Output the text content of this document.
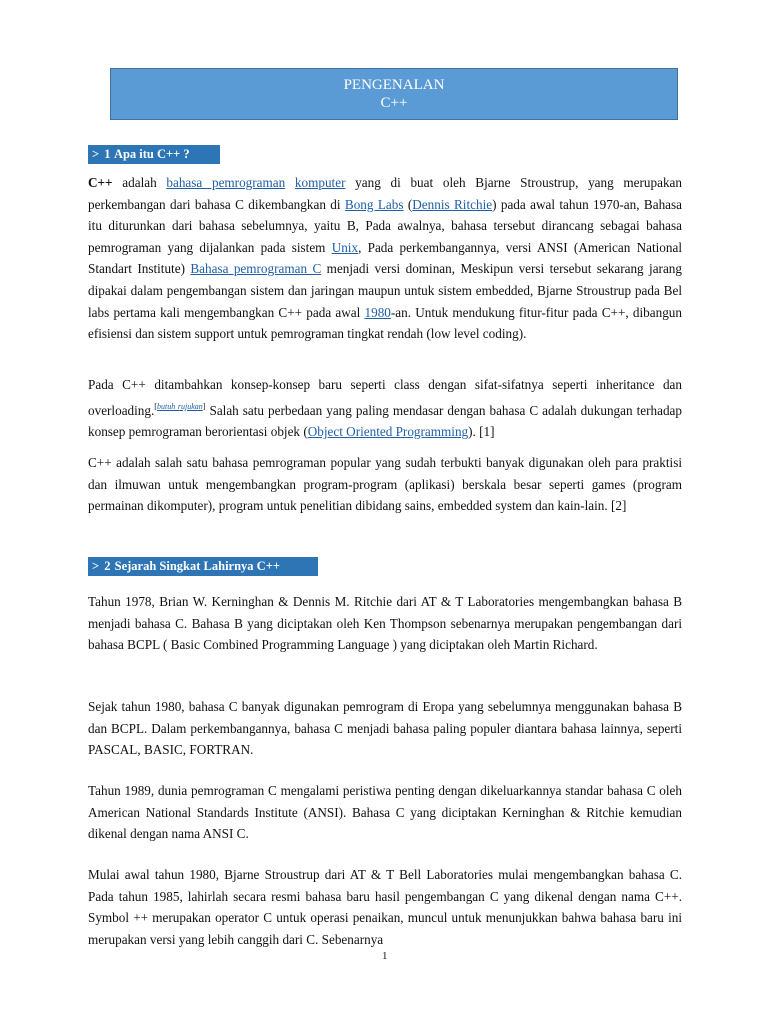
PENGENALAN
C++
⁠> 1 Apa itu C++ ?

C++ adalah bahasa pemrograman komputer yang di buat oleh Bjarne Stroustrup, yang merupakan perkembangan dari bahasa C dikembangkan di Bong Labs (Dennis Ritchie) pada awal tahun 1970-an, Bahasa itu diturunkan dari bahasa sebelumnya, yaitu B, Pada awalnya, bahasa tersebut dirancang sebagai bahasa pemrograman yang dijalankan pada sistem Unix, Pada perkembangannya, versi ANSI (American National Standart Institute) Bahasa pemrograman C menjadi versi dominan, Meskipun versi tersebut sekarang jarang dipakai dalam pengembangan sistem dan jaringan maupun untuk sistem embedded, Bjarne Stroustrup pada Bel labs pertama kali mengembangkan C++ pada awal 1980-an. Untuk mendukung fitur-fitur pada C++, dibangun efisiensi dan sistem support untuk pemrograman tingkat rendah (low level coding).

Pada C++ ditambahkan konsep-konsep baru seperti class dengan sifat-sifatnya seperti inheritance dan overloading.[butuh rujukan] Salah satu perbedaan yang paling mendasar dengan bahasa C adalah dukungan terhadap konsep pemrograman berorientasi objek (Object Oriented Programming). [1]

C++ adalah salah satu bahasa pemrograman popular yang sudah terbukti banyak digunakan oleh para praktisi dan ilmuwan untuk mengembangkan program-program (aplikasi) berskala besar seperti games (program permainan dikomputer), program untuk penelitian dibidang sains, embedded system dan kain-lain. [2]

> 2 Sejarah Singkat Lahirnya C++

Tahun 1978, Brian W. Kerninghan & Dennis M. Ritchie dari AT & T Laboratories mengembangkan bahasa B menjadi bahasa C. Bahasa B yang diciptakan oleh Ken Thompson sebenarnya merupakan pengembangan dari bahasa BCPL ( Basic Combined Programming Language ) yang diciptakan oleh Martin Richard.

Sejak tahun 1980, bahasa C banyak digunakan pemrogram di Eropa yang sebelumnya menggunakan bahasa B dan BCPL. Dalam perkembangannya, bahasa C menjadi bahasa paling populer diantara bahasa lainnya, seperti PASCAL, BASIC, FORTRAN.

Tahun 1989, dunia pemrograman C mengalami peristiwa penting dengan dikeluarkannya standar bahasa C oleh American National Standards Institute (ANSI). Bahasa C yang diciptakan Kerninghan & Ritchie kemudian dikenal dengan nama ANSI C.

Mulai awal tahun 1980, Bjarne Stroustrup dari AT & T Bell Laboratories mulai mengembangkan bahasa C. Pada tahun 1985, lahirlah secara resmi bahasa baru hasil pengembangan C yang dikenal dengan nama C++. Symbol ++ merupakan operator C untuk operasi penaikan, muncul untuk menunjukkan bahwa bahasa baru ini merupakan versi yang lebih canggih dari C. Sebenarnya

1
